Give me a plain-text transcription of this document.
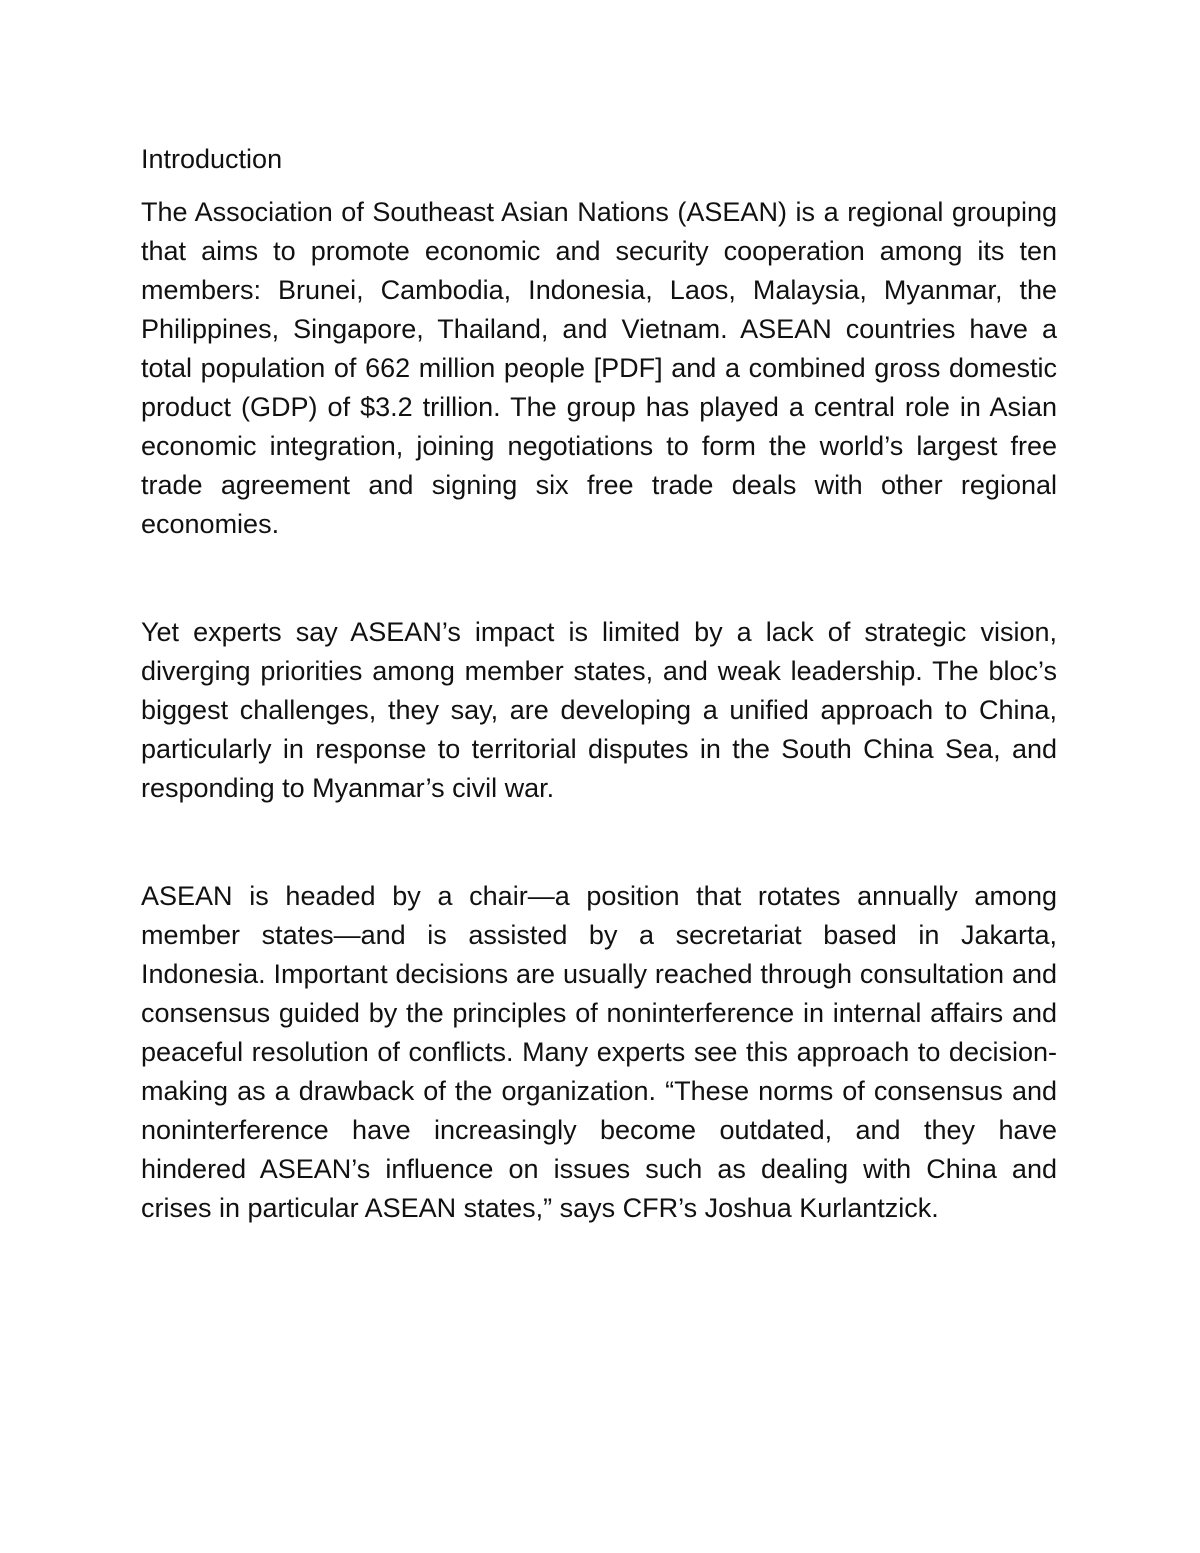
Introduction

The Association of Southeast Asian Nations (ASEAN) is a regional grouping that aims to promote economic and security cooperation among its ten members: Brunei, Cambodia, Indonesia, Laos, Malaysia, Myanmar, the Philippines, Singapore, Thailand, and Vietnam. ASEAN countries have a total population of 662 million people [PDF] and a combined gross domestic product (GDP) of $3.2 trillion. The group has played a central role in Asian economic integration, joining negotiations to form the world’s largest free trade agreement and signing six free trade deals with other regional economies.

Yet experts say ASEAN’s impact is limited by a lack of strategic vision, diverging priorities among member states, and weak leadership. The bloc’s biggest challenges, they say, are developing a unified approach to China, particularly in response to territorial disputes in the South China Sea, and responding to Myanmar’s civil war.

ASEAN is headed by a chair—a position that rotates annually among member states—and is assisted by a secretariat based in Jakarta, Indonesia. Important decisions are usually reached through consultation and consensus guided by the principles of noninterference in internal affairs and peaceful resolution of conflicts. Many experts see this approach to decision-making as a drawback of the organization. “These norms of consensus and noninterference have increasingly become outdated, and they have hindered ASEAN’s influence on issues such as dealing with China and crises in particular ASEAN states,” says CFR’s Joshua Kurlantzick.
